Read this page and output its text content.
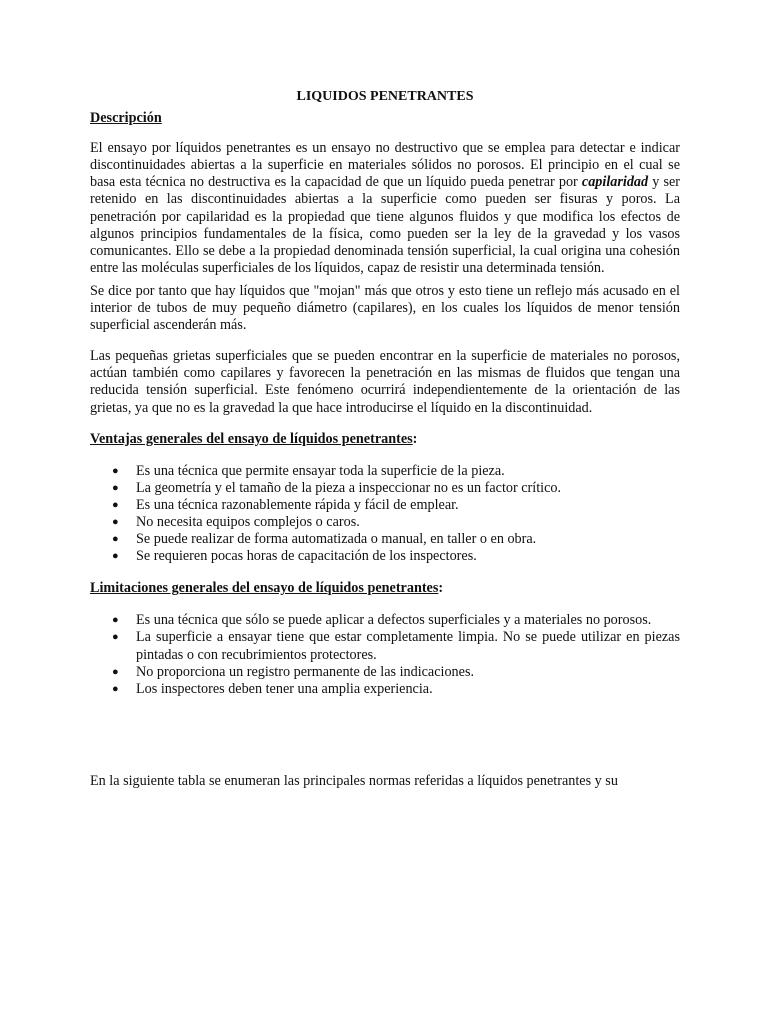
LIQUIDOS PENETRANTES
Descripción

El ensayo por líquidos penetrantes es un ensayo no destructivo que se emplea para detectar e indicar discontinuidades abiertas a la superficie en materiales sólidos no porosos. El principio en el cual se basa esta técnica no destructiva es la capacidad de que un líquido pueda penetrar por capilaridad y ser retenido en las discontinuidades abiertas a la superficie como pueden ser fisuras y poros. La penetración por capilaridad es la propiedad que tiene algunos fluidos y que modifica los efectos de algunos principios fundamentales de la física, como pueden ser la ley de la gravedad y los vasos comunicantes. Ello se debe a la propiedad denominada tensión superficial, la cual origina una cohesión entre las moléculas superficiales de los líquidos, capaz de resistir una determinada tensión.

Se dice por tanto que hay líquidos que "mojan" más que otros y esto tiene un reflejo más acusado en el interior de tubos de muy pequeño diámetro (capilares), en los cuales los líquidos de menor tensión superficial ascenderán más.

Las pequeñas grietas superficiales que se pueden encontrar en la superficie de materiales no porosos, actúan también como capilares y favorecen la penetración en las mismas de fluidos que tengan una reducida tensión superficial. Este fenómeno ocurrirá independientemente de la orientación de las grietas, ya que no es la gravedad la que hace introducirse el líquido en la discontinuidad.

Ventajas generales del ensayo de líquidos penetrantes:
● Es una técnica que permite ensayar toda la superficie de la pieza.
● La geometría y el tamaño de la pieza a inspeccionar no es un factor crítico.
● Es una técnica razonablemente rápida y fácil de emplear.
● No necesita equipos complejos o caros.
● Se puede realizar de forma automatizada o manual, en taller o en obra.
● Se requieren pocas horas de capacitación de los inspectores.
Limitaciones generales del ensayo de líquidos penetrantes:
● Es una técnica que sólo se puede aplicar a defectos superficiales y a materiales no porosos.
● La superficie a ensayar tiene que estar completamente limpia. No se puede utilizar en piezas pintadas o con recubrimientos protectores.
● No proporciona un registro permanente de las indicaciones.
● Los inspectores deben tener una amplia experiencia.

En la siguiente tabla se enumeran las principales normas referidas a líquidos penetrantes y su
